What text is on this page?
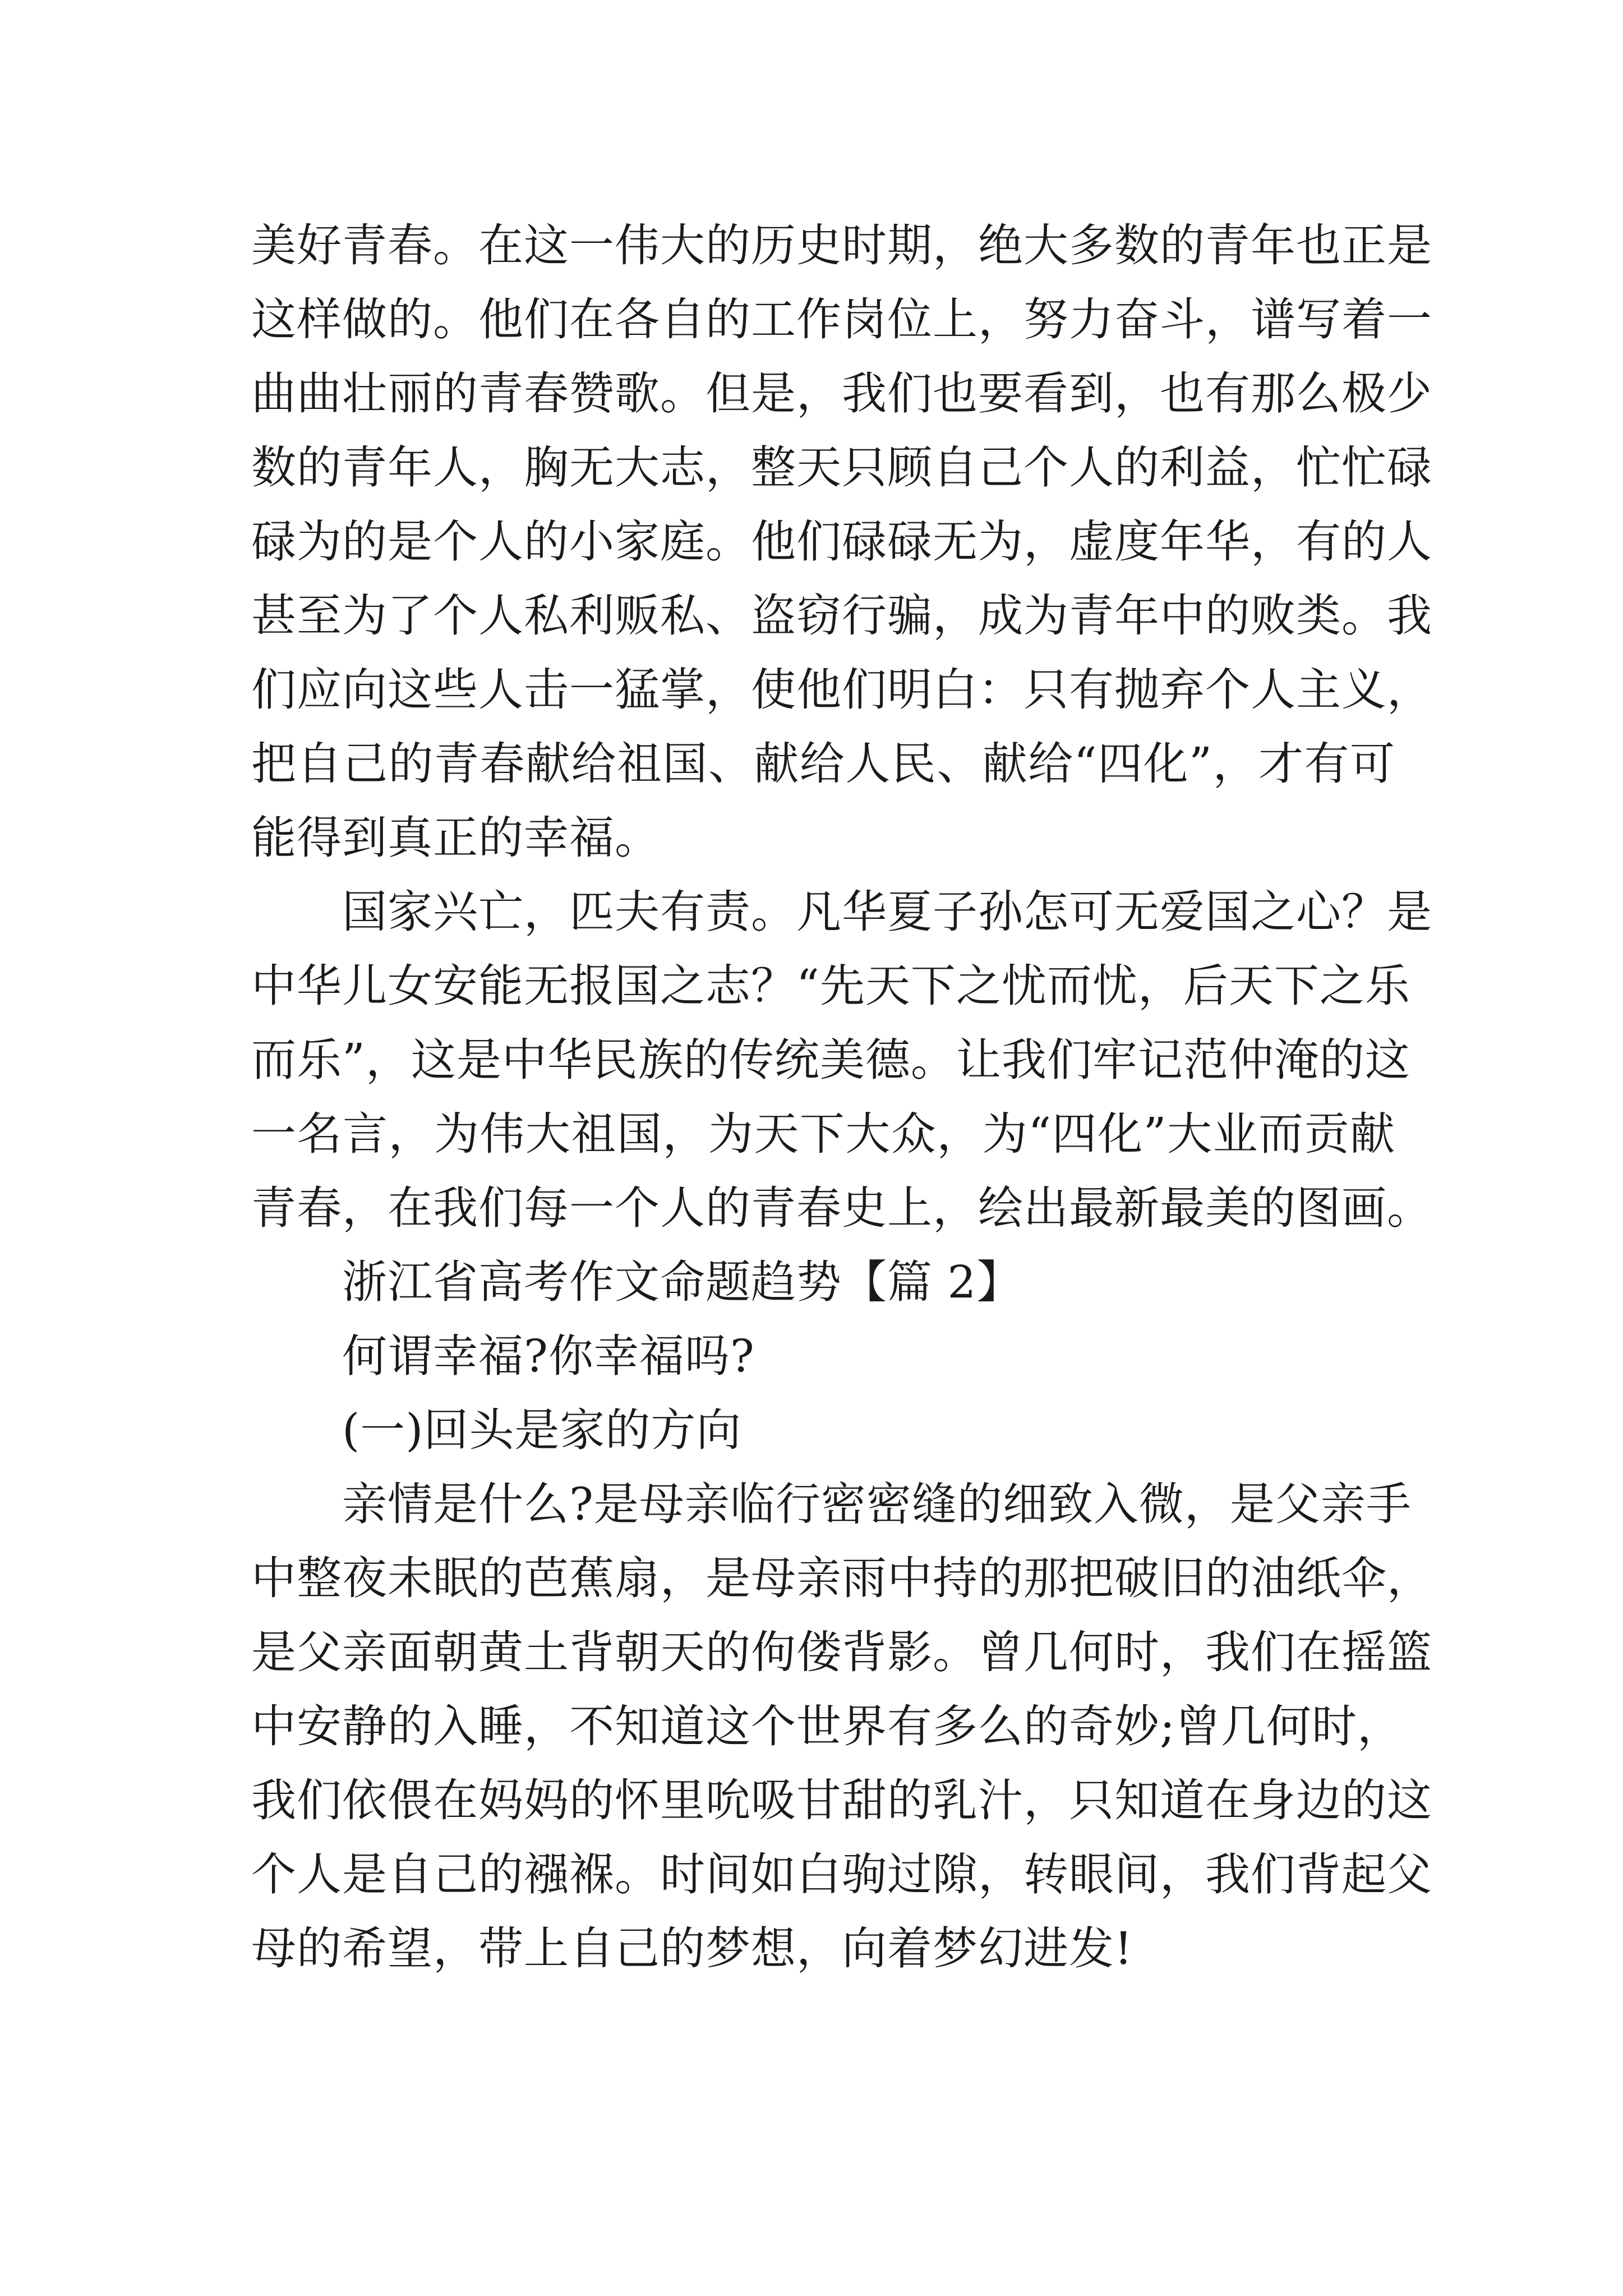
美好青春。在这一伟大的历史时期，绝大多数的青年也正是
这样做的。他们在各自的工作岗位上，努力奋斗，谱写着一
曲曲壮丽的青春赞歌。但是，我们也要看到，也有那么极少
数的青年人，胸无大志，整天只顾自己个人的利益，忙忙碌
碌为的是个人的小家庭。他们碌碌无为，虚度年华，有的人
甚至为了个人私利贩私、盗窃行骗，成为青年中的败类。我
们应向这些人击一猛掌，使他们明白：只有抛弃个人主义，
把自己的青春献给祖国、献给人民、献给“四化”，才有可
能得到真正的幸福。
国家兴亡，匹夫有责。凡华夏子孙怎可无爱国之心？是
中华儿女安能无报国之志？“先天下之忧而忧，后天下之乐
而乐”，这是中华民族的传统美德。让我们牢记范仲淹的这
一名言，为伟大祖国，为天下大众，为“四化”大业而贡献
青春，在我们每一个人的青春史上，绘出最新最美的图画。
浙江省高考作文命题趋势【篇 2】
何谓幸福?你幸福吗?
(一)回头是家的方向
亲情是什么?是母亲临行密密缝的细致入微，是父亲手
中整夜未眠的芭蕉扇，是母亲雨中持的那把破旧的油纸伞，
是父亲面朝黄土背朝天的佝偻背影。曾几何时，我们在摇篮
中安静的入睡，不知道这个世界有多么的奇妙;曾几何时，
我们依偎在妈妈的怀里吮吸甘甜的乳汁，只知道在身边的这
个人是自己的襁褓。时间如白驹过隙，转眼间，我们背起父
母的希望，带上自己的梦想，向着梦幻进发!
